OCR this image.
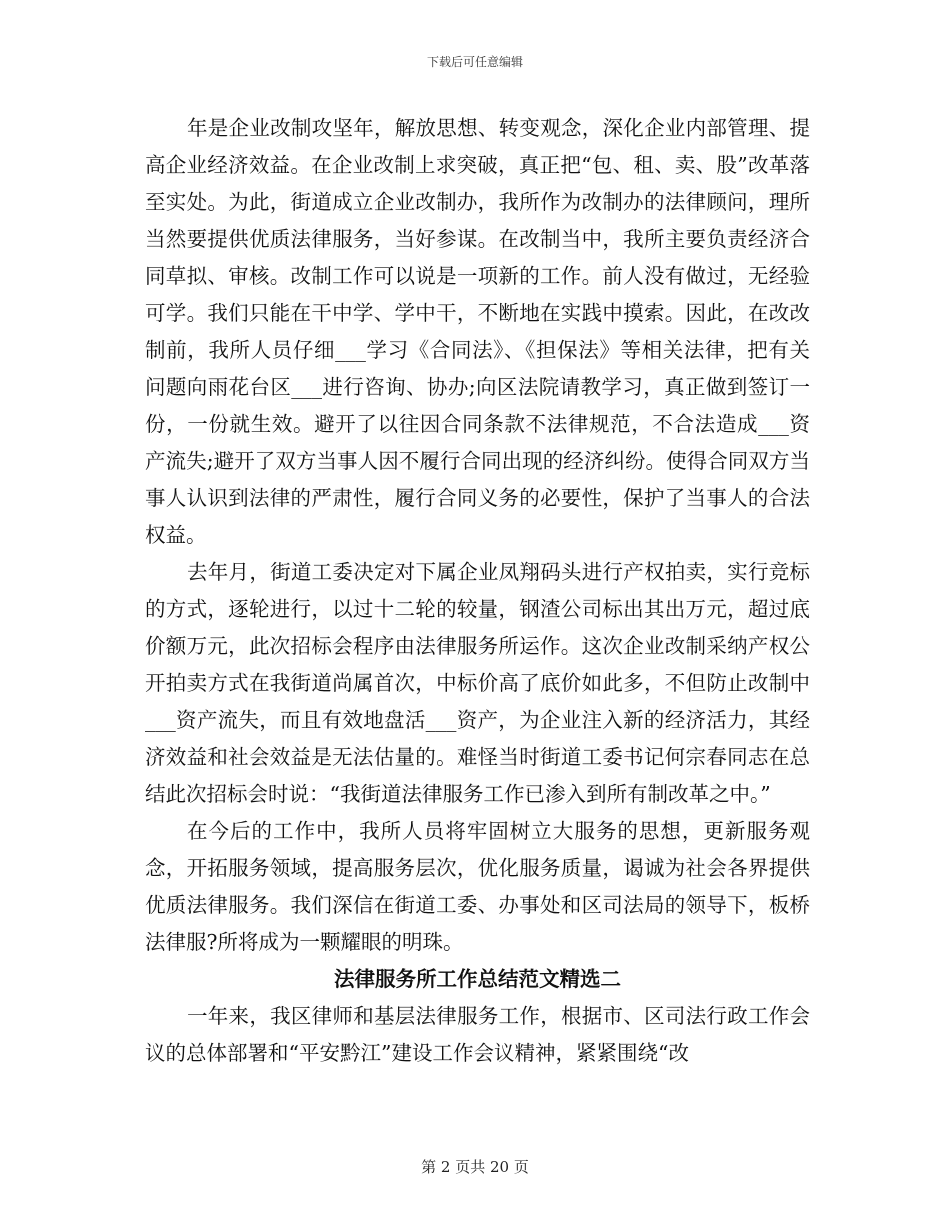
下载后可任意编辑

年是企业改制攻坚年，解放思想、转变观念，深化企业内部管理、提高企业经济效益。在企业改制上求突破，真正把“包、租、卖、股”改革落至实处。为此，街道成立企业改制办，我所作为改制办的法律顾问，理所当然要提供优质法律服务，当好参谋。在改制当中，我所主要负责经济合同草拟、审核。改制工作可以说是一项新的工作。前人没有做过，无经验可学。我们只能在干中学、学中干，不断地在实践中摸索。因此，在改改制前，我所人员仔细___学习《合同法》、《担保法》等相关法律，把有关问题向雨花台区___进行咨询、协办;向区法院请教学习，真正做到签订一份，一份就生效。避开了以往因合同条款不法律规范，不合法造成___资产流失;避开了双方当事人因不履行合同出现的经济纠纷。使得合同双方当事人认识到法律的严肃性，履行合同义务的必要性，保护了当事人的合法权益。

去年月，街道工委决定对下属企业凤翔码头进行产权拍卖，实行竞标的方式，逐轮进行，以过十二轮的较量，钢渣公司标出其出万元，超过底价额万元，此次招标会程序由法律服务所运作。这次企业改制采纳产权公开拍卖方式在我街道尚属首次，中标价高了底价如此多，不但防止改制中___资产流失，而且有效地盘活___资产，为企业注入新的经济活力，其经济效益和社会效益是无法估量的。难怪当时街道工委书记何宗春同志在总结此次招标会时说：“我街道法律服务工作已渗入到所有制改革之中。”

在今后的工作中，我所人员将牢固树立大服务的思想，更新服务观念，开拓服务领域，提高服务层次，优化服务质量，谒诚为社会各界提供优质法律服务。我们深信在街道工委、办事处和区司法局的领导下，板桥法律服?所将成为一颗耀眼的明珠。

法律服务所工作总结范文精选二

一年来，我区律师和基层法律服务工作，根据市、区司法行政工作会议的总体部署和“平安黔江”建设工作会议精神，紧紧围绕“改

第 2 页共 20 页
